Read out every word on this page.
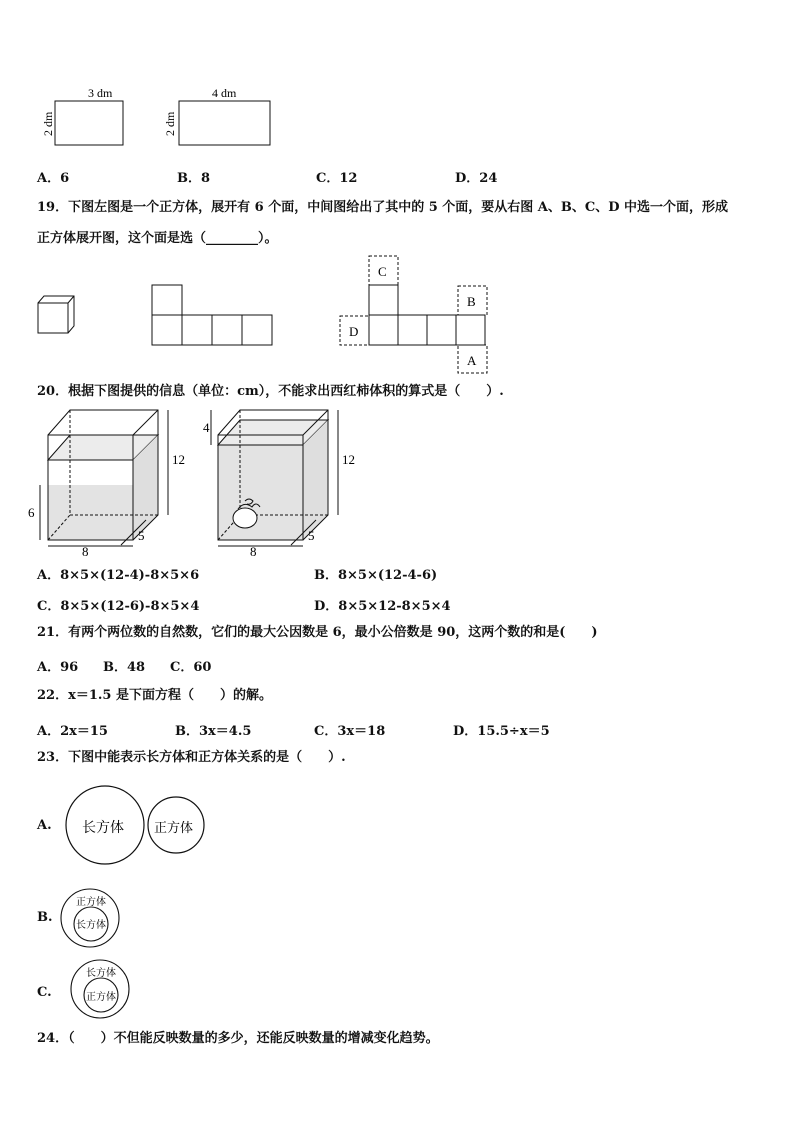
3 dm
2 dm
4 dm
2 dm
A．6	B．8	C．12	D．24
19．下图左图是一个正方体，展开有 6 个面，中间图给出了其中的 5 个面，要从右图 A、B、C、D 中选一个面，形成
正方体展开图，这个面是选（________）。
C
B
D
A
20．根据下图提供的信息（单位：cm），不能求出西红柿体积的算式是（　　）.
12
6
8
5
12
4
8
5
A．8×5×(12-4)-8×5×6	B．8×5×(12-4-6)
C．8×5×(12-6)-8×5×4	D．8×5×12-8×5×4
21．有两个两位数的自然数，它们的最大公因数是 6，最小公倍数是 90，这两个数的和是(　　)
A．96 B．48 C．60
22．x＝1.5 是下面方程（　　）的解。
A．2x＝15	B．3x＝4.5	C．3x＝18	D．15.5÷x＝5
23．下图中能表示长方体和正方体关系的是（　　）.
A. 长方体 正方体
B.
正方体
长方体
C.
长方体
正方体
24．（　　）不但能反映数量的多少，还能反映数量的增减变化趋势。
